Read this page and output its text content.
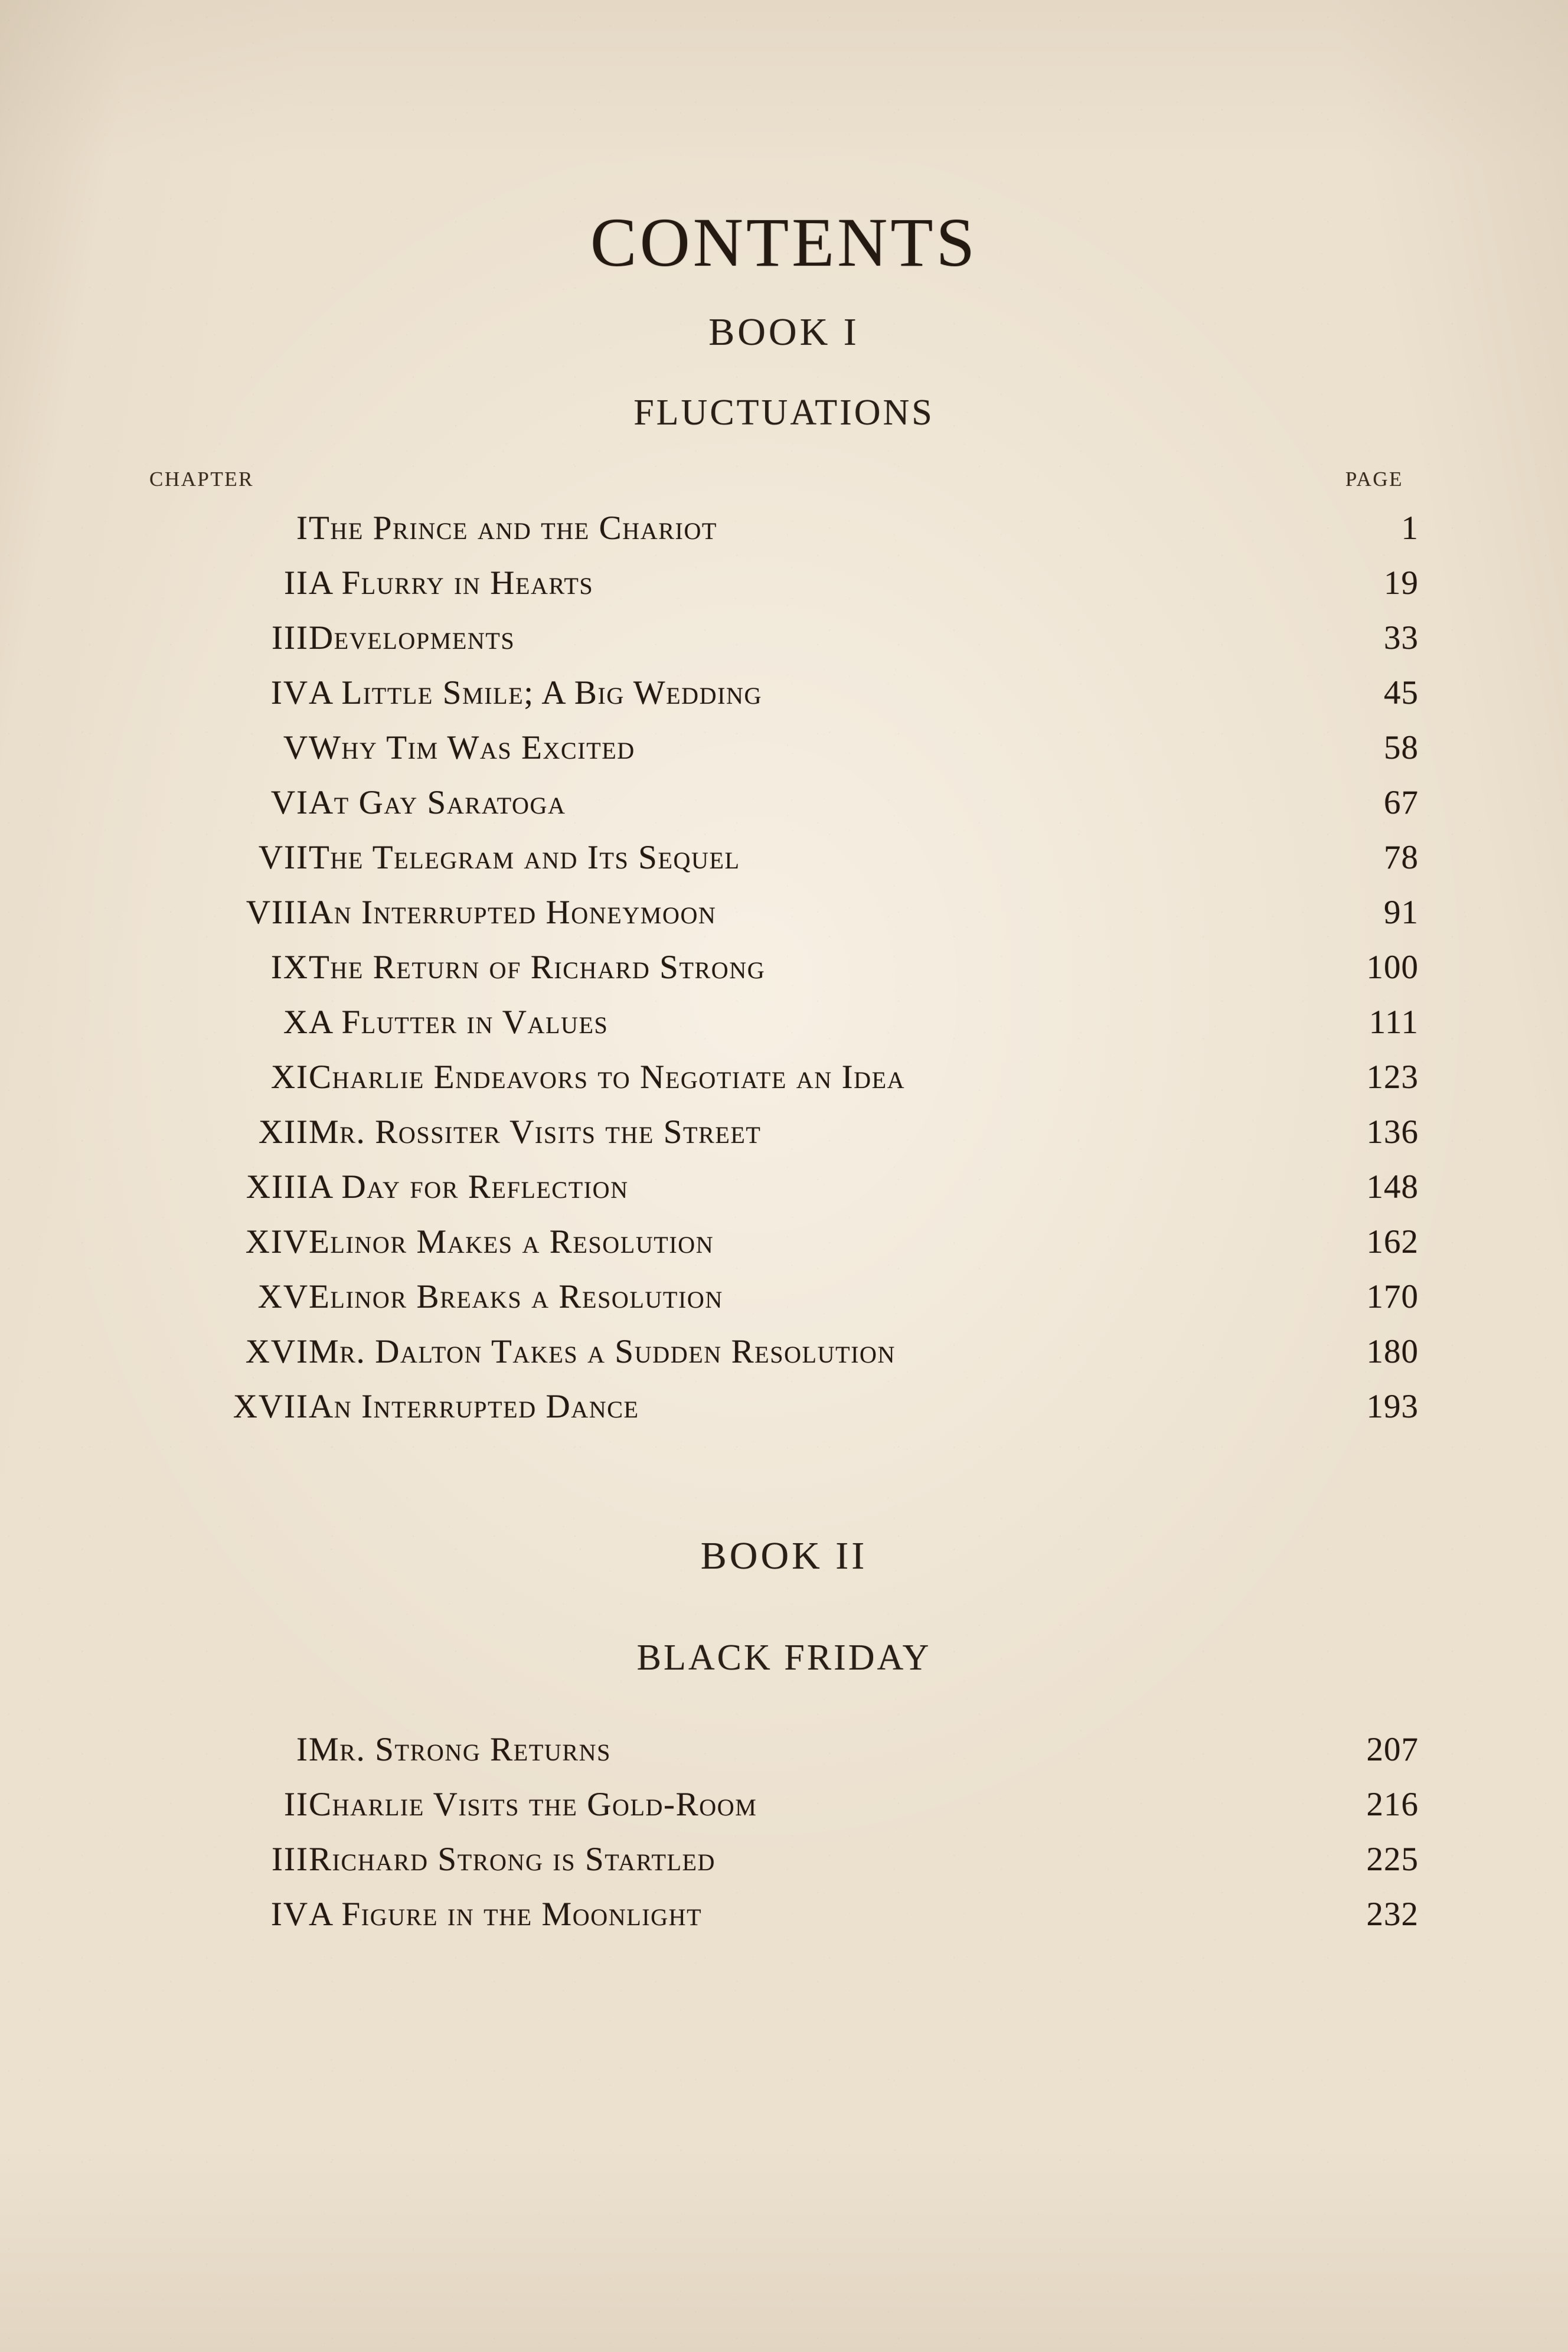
CONTENTS
BOOK I
FLUCTUATIONS
CHAPTER		PAGE
I	The Prince and the Chariot	1
II	A Flurry in Hearts	19
III	Developments	33
IV	A Little Smile; A Big Wedding	45
V	Why Tim Was Excited	58
VI	At Gay Saratoga	67
VII	The Telegram and Its Sequel	78
VIII	An Interrupted Honeymoon	91
IX	The Return of Richard Strong	100
X	A Flutter in Values	111
XI	Charlie Endeavors to Negotiate an Idea	123
XII	Mr. Rossiter Visits the Street	136
XIII	A Day for Reflection	148
XIV	Elinor Makes a Resolution	162
XV	Elinor Breaks a Resolution	170
XVI	Mr. Dalton Takes a Sudden Resolution	180
XVII	An Interrupted Dance	193
BOOK II
BLACK FRIDAY
I	Mr. Strong Returns	207
II	Charlie Visits the Gold-Room	216
III	Richard Strong is Startled	225
IV	A Figure in the Moonlight	232
